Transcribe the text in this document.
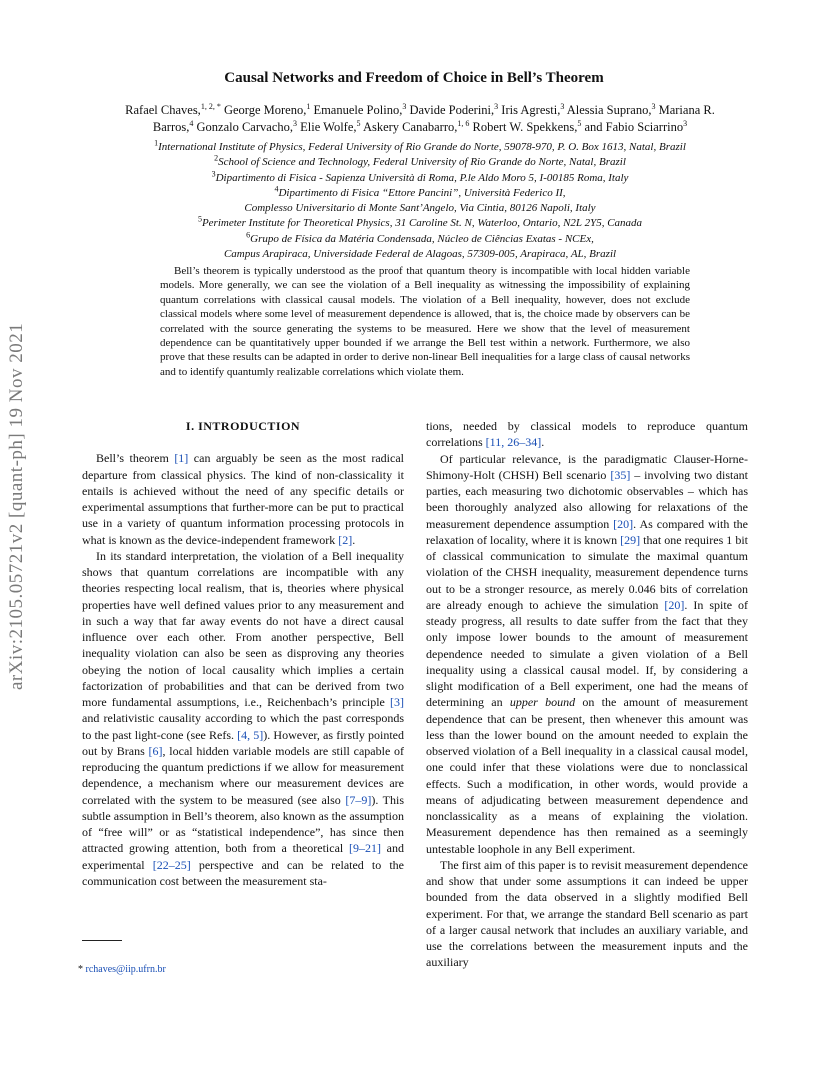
arXiv:2105.05721v2 [quant-ph] 19 Nov 2021
Causal Networks and Freedom of Choice in Bell’s Theorem
Rafael Chaves,$^{1, 2, *}$ George Moreno,$^1$ Emanuele Polino,$^3$ Davide Poderini,$^3$ Iris Agresti,$^3$ Alessia Suprano,$^3$ Mariana R.
Barros,$^4$ Gonzalo Carvacho,$^3$ Elie Wolfe,$^5$ Askery Canabarro,$^{1, 6}$ Robert W. Spekkens,$^5$ and Fabio Sciarrino$^3$
$^1$International Institute of Physics, Federal University of Rio Grande do Norte, 59078-970, P. O. Box 1613, Natal, Brazil
$^2$School of Science and Technology, Federal University of Rio Grande do Norte, Natal, Brazil
$^3$Dipartimento di Fisica - Sapienza Università di Roma, P.le Aldo Moro 5, I-00185 Roma, Italy
$^4$Dipartimento di Fisica “Ettore Pancini”, Università Federico II,
Complesso Universitario di Monte Sant’Angelo, Via Cintia, 80126 Napoli, Italy
$^5$Perimeter Institute for Theoretical Physics, 31 Caroline St. N, Waterloo, Ontario, N2L 2Y5, Canada
$^6$Grupo de Física da Matéria Condensada, Núcleo de Ciências Exatas - NCEx,
Campus Arapiraca, Universidade Federal de Alagoas, 57309-005, Arapiraca, AL, Brazil

Bell’s theorem is typically understood as the proof that quantum theory is incompatible with local hidden variable models. More generally, we can see the violation of a Bell inequality as witnessing the impossibility of explaining quantum correlations with classical causal models. The violation of a Bell inequality, however, does not exclude classical models where some level of measurement dependence is allowed, that is, the choice made by observers can be correlated with the source generating the systems to be measured. Here we show that the level of measurement dependence can be quantitatively upper bounded if we arrange the Bell test within a network. Furthermore, we also prove that these results can be adapted in order to derive non-linear Bell inequalities for a large class of causal networks and to identify quantumly realizable correlations which violate them.

I. INTRODUCTION

Bell’s theorem [1] can arguably be seen as the most radical departure from classical physics. The kind of non-classicality it entails is achieved without the need of any specific details or experimental assumptions that further-more can be put to practical use in a variety of quantum information processing protocols in what is known as the device-independent framework [2].

In its standard interpretation, the violation of a Bell inequality shows that quantum correlations are incompatible with any theories respecting local realism, that is, theories where physical properties have well defined values prior to any measurement and in such a way that far away events do not have a direct causal influence over each other. From another perspective, Bell inequality violation can also be seen as disproving any theories obeying the notion of local causality which implies a certain factorization of probabilities and that can be derived from two more fundamental assumptions, i.e., Reichenbach’s principle [3] and relativistic causality according to which the past corresponds to the past light-cone (see Refs. [4, 5]). However, as firstly pointed out by Brans [6], local hidden variable models are still capable of reproducing the quantum predictions if we allow for measurement dependence, a mechanism where our measurement devices are correlated with the system to be measured (see also [7–9]). This subtle assumption in Bell’s theorem, also known as the assumption of “free will” or as “statistical independence”, has since then attracted growing attention, both from a theoretical [9–21] and experimental [22–25] perspective and can be related to the communication cost between the measurement sta-

tions, needed by classical models to reproduce quantum correlations [11, 26–34].

Of particular relevance, is the paradigmatic Clauser-Horne-Shimony-Holt (CHSH) Bell scenario [35] – involving two distant parties, each measuring two dichotomic observables – which has been thoroughly analyzed also allowing for relaxations of the measurement dependence assumption [20]. As compared with the relaxation of locality, where it is known [29] that one requires 1 bit of classical communication to simulate the maximal quantum violation of the CHSH inequality, measurement dependence turns out to be a stronger resource, as merely 0.046 bits of correlation are already enough to achieve the simulation [20]. In spite of steady progress, all results to date suffer from the fact that they only impose lower bounds to the amount of measurement dependence needed to simulate a given violation of a Bell inequality using a classical causal model. If, by considering a slight modification of a Bell experiment, one had the means of determining an upper bound on the amount of measurement dependence that can be present, then whenever this amount was less than the lower bound on the amount needed to explain the observed violation of a Bell inequality in a classical causal model, one could infer that these violations were due to nonclassical effects. Such a modification, in other words, would provide a means of adjudicating between measurement dependence and nonclassicality as a means of explaining the violation. Measurement dependence has then remained as a seemingly untestable loophole in any Bell experiment.

The first aim of this paper is to revisit measurement dependence and show that under some assumptions it can indeed be upper bounded from the data observed in a slightly modified Bell experiment. For that, we arrange the standard Bell scenario as part of a larger causal network that includes an auxiliary variable, and use the correlations between the measurement inputs and the auxiliary

* rchaves@iip.ufrn.br
